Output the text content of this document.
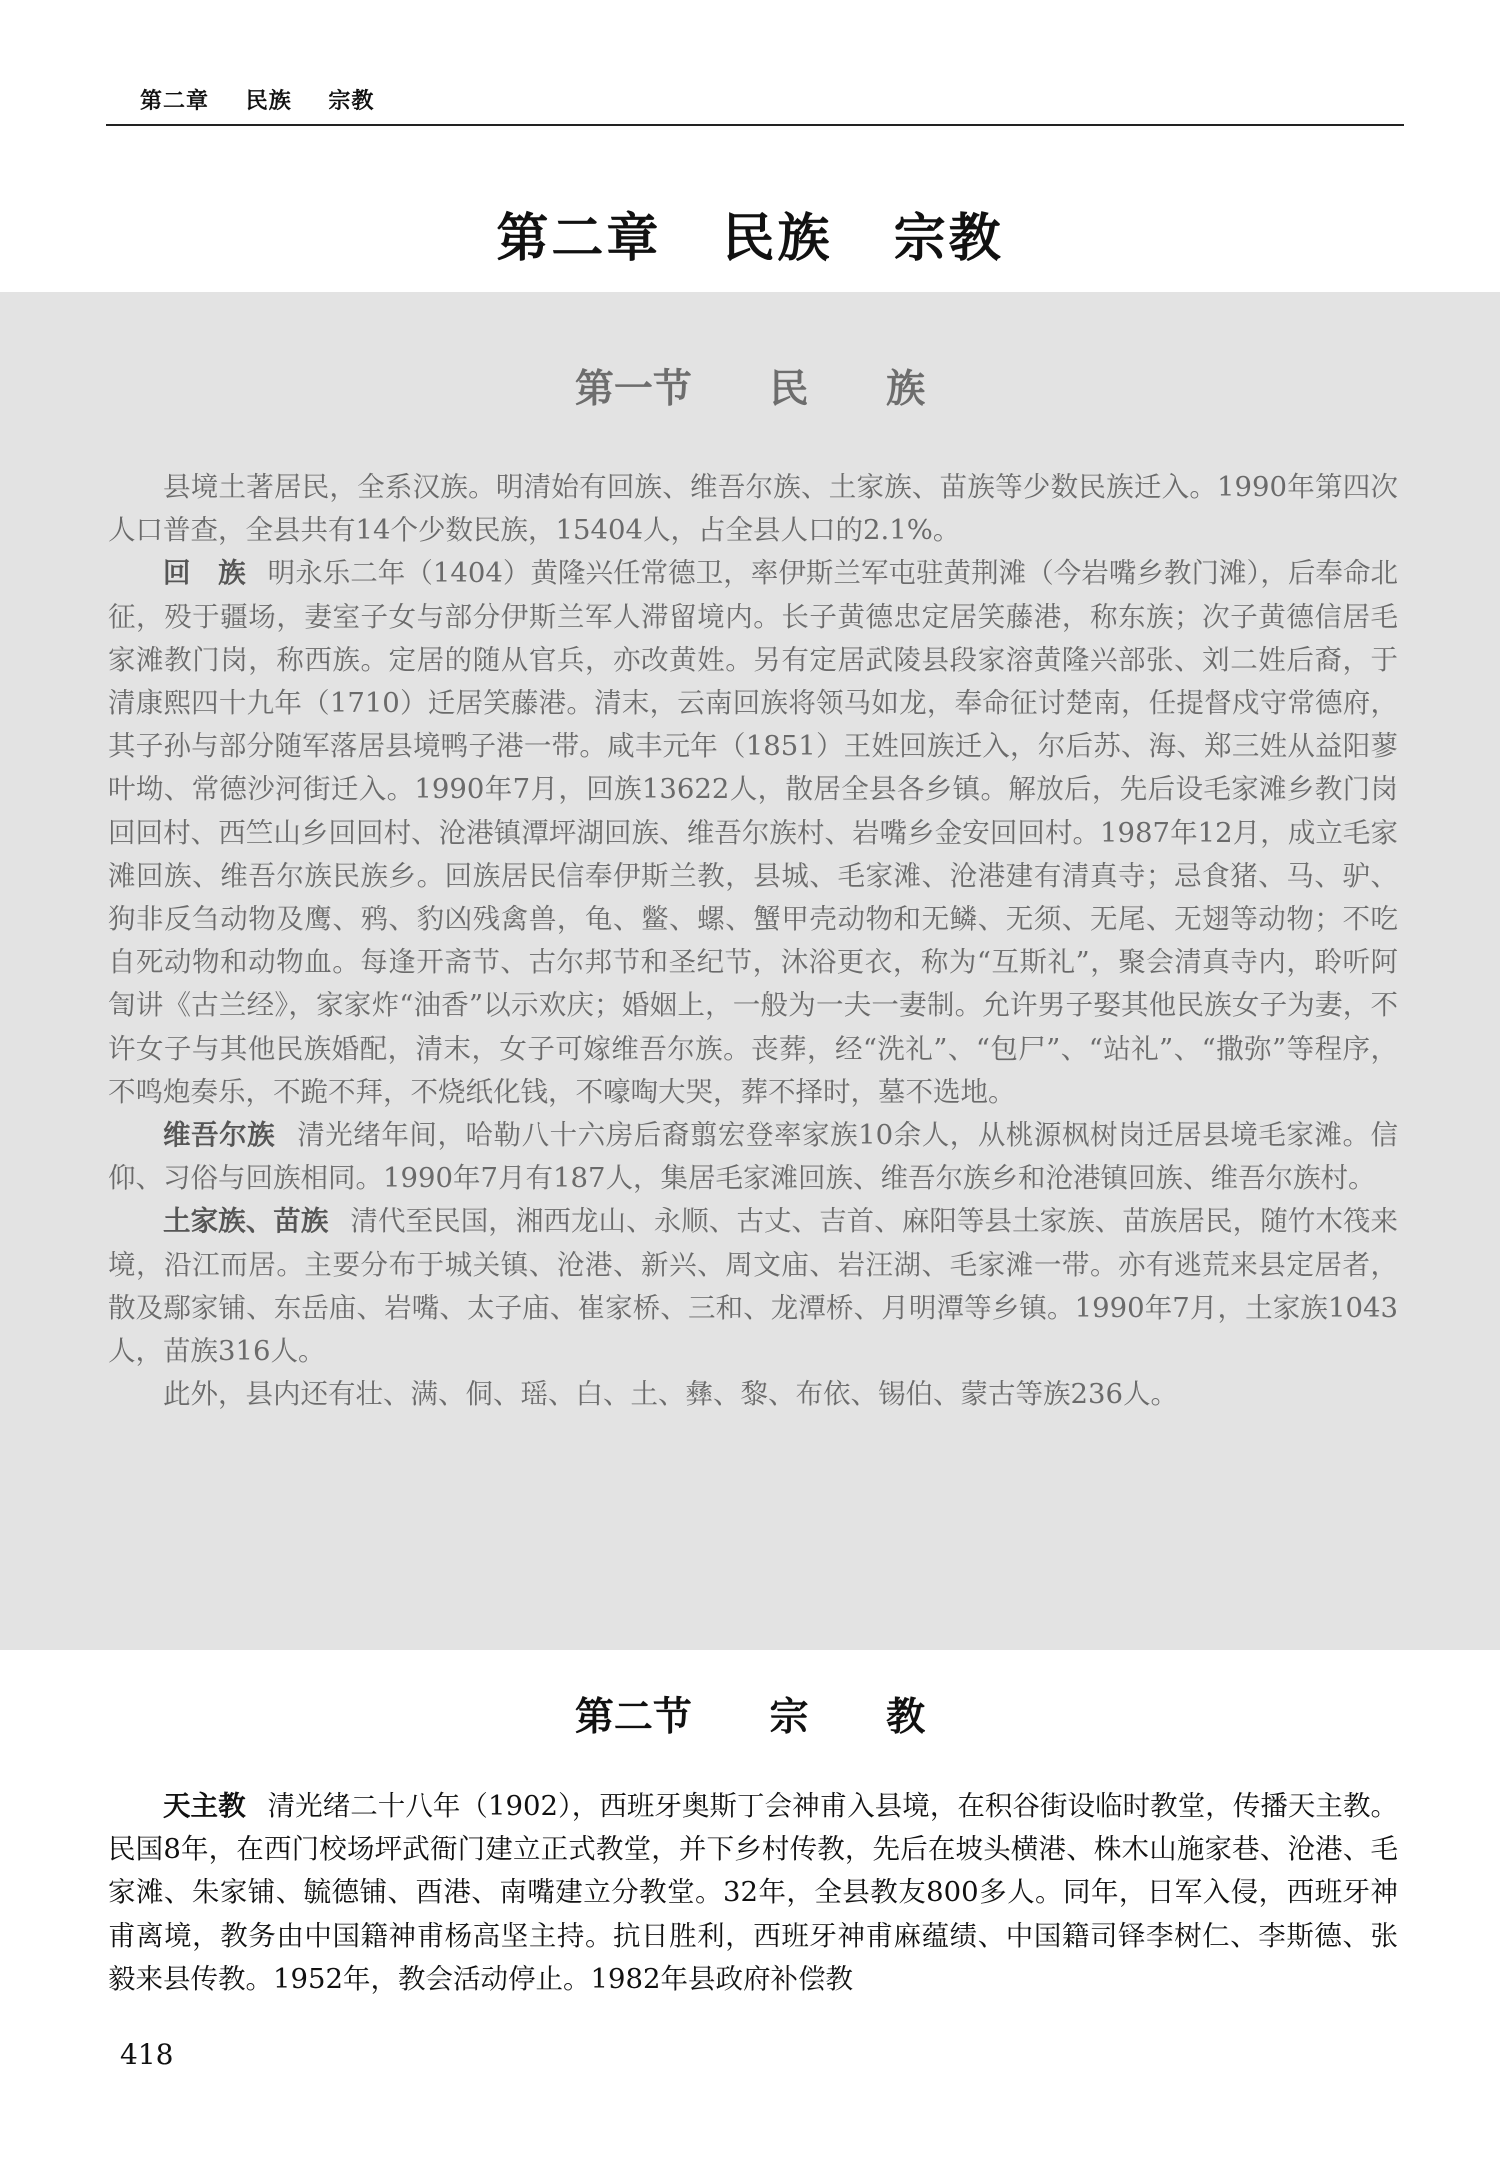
第二章 民族 宗教
第二章 民族 宗教
第一节 民 族

县境土著居民，全系汉族。明清始有回族、维吾尔族、土家族、苗族等少数民族迁入。1990年第四次人口普查，全县共有14个少数民族，15404人，占全县人口的2.1%。

回　族 明永乐二年（1404）黄隆兴任常德卫，率伊斯兰军屯驻黄荆滩（今岩嘴乡教门滩），后奉命北征，殁于疆场，妻室子女与部分伊斯兰军人滞留境内。长子黄德忠定居笑藤港，称东族；次子黄德信居毛家滩教门岗，称西族。定居的随从官兵，亦改黄姓。另有定居武陵县段家溶黄隆兴部张、刘二姓后裔，于清康熙四十九年（1710）迁居笑藤港。清末，云南回族将领马如龙，奉命征讨楚南，任提督戍守常德府，其子孙与部分随军落居县境鸭子港一带。咸丰元年（1851）王姓回族迁入，尔后苏、海、郑三姓从益阳蓼叶坳、常德沙河街迁入。1990年7月，回族13622人，散居全县各乡镇。解放后，先后设毛家滩乡教门岗回回村、西竺山乡回回村、沧港镇潭坪湖回族、维吾尔族村、岩嘴乡金安回回村。1987年12月，成立毛家滩回族、维吾尔族民族乡。回族居民信奉伊斯兰教，县城、毛家滩、沧港建有清真寺；忌食猪、马、驴、狗非反刍动物及鹰、鸦、豹凶残禽兽，龟、鳖、螺、蟹甲壳动物和无鳞、无须、无尾、无翅等动物；不吃自死动物和动物血。每逢开斋节、古尔邦节和圣纪节，沐浴更衣，称为“互斯礼”，聚会清真寺内，聆听阿訇讲《古兰经》，家家炸“油香”以示欢庆；婚姻上，一般为一夫一妻制。允许男子娶其他民族女子为妻，不许女子与其他民族婚配，清末，女子可嫁维吾尔族。丧葬，经“洗礼”、“包尸”、“站礼”、“撒弥”等程序，不鸣炮奏乐，不跪不拜，不烧纸化钱，不嚎啕大哭，葬不择时，墓不选地。

维吾尔族 清光绪年间，哈勒八十六房后裔翦宏登率家族10余人，从桃源枫树岗迁居县境毛家滩。信仰、习俗与回族相同。1990年7月有187人，集居毛家滩回族、维吾尔族乡和沧港镇回族、维吾尔族村。

土家族、苗族 清代至民国，湘西龙山、永顺、古丈、吉首、麻阳等县土家族、苗族居民，随竹木筏来境，沿江而居。主要分布于城关镇、沧港、新兴、周文庙、岩汪湖、毛家滩一带。亦有逃荒来县定居者，散及鄢家铺、东岳庙、岩嘴、太子庙、崔家桥、三和、龙潭桥、月明潭等乡镇。1990年7月，土家族1043人，苗族316人。

此外，县内还有壮、满、侗、瑶、白、土、彝、黎、布依、锡伯、蒙古等族236人。

第二节 宗 教

天主教 清光绪二十八年（1902），西班牙奥斯丁会神甫入县境，在积谷街设临时教堂，传播天主教。民国8年，在西门校场坪武衙门建立正式教堂，并下乡村传教，先后在坡头横港、株木山施家巷、沧港、毛家滩、朱家铺、毓德铺、酉港、南嘴建立分教堂。32年，全县教友800多人。同年，日军入侵，西班牙神甫离境，教务由中国籍神甫杨高坚主持。抗日胜利，西班牙神甫麻蕴绩、中国籍司铎李树仁、李斯德、张毅来县传教。1952年，教会活动停止。1982年县政府补偿教

418
